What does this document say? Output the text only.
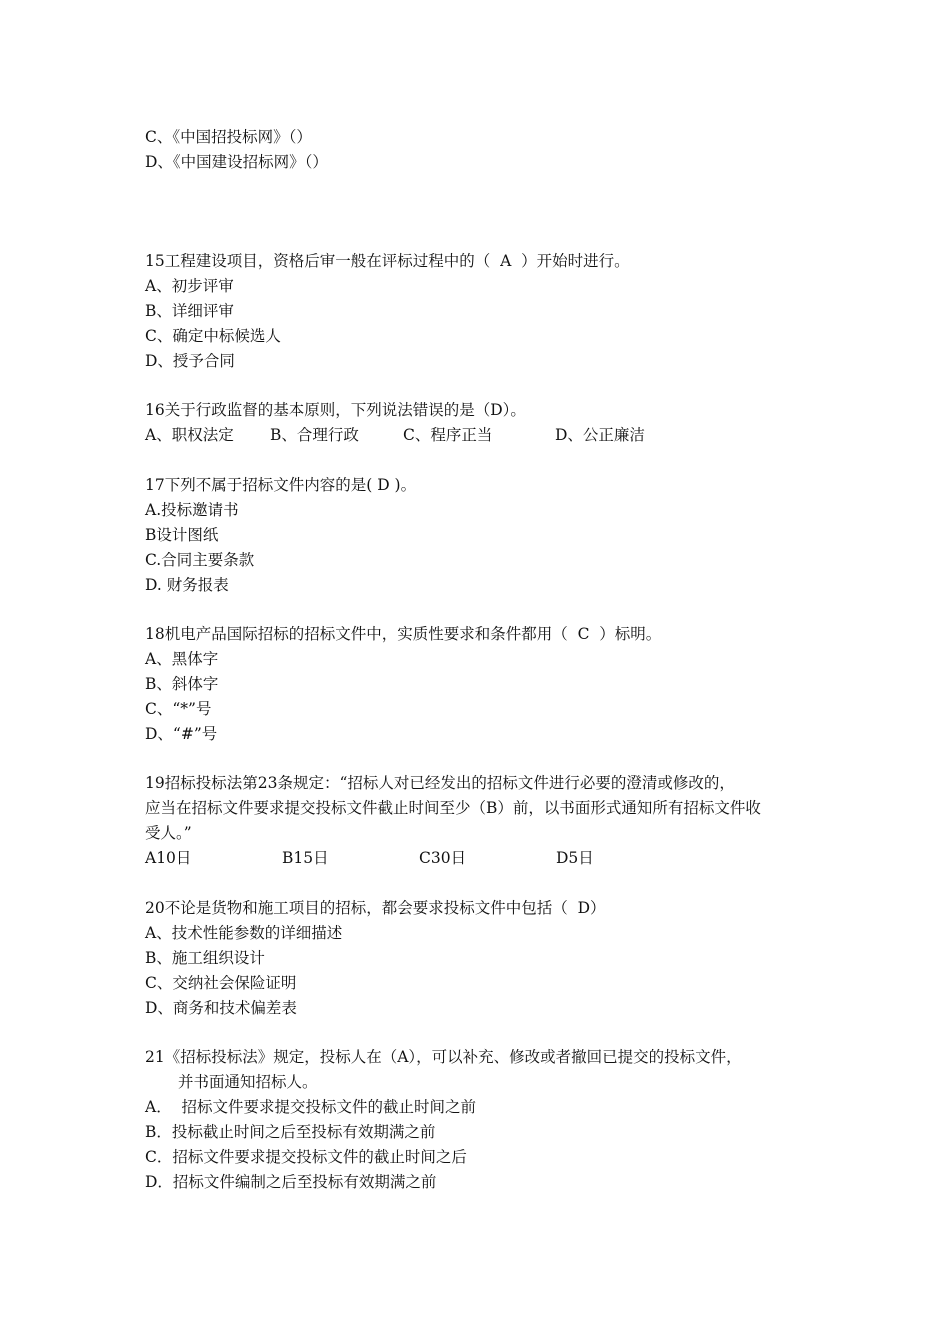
C、《中国招投标网》（）
D、《中国建设招标网》（）
15工程建设项目，资格后审一般在评标过程中的（  A  ）开始时进行。
A、初步评审
B、详细评审
C、确定中标候选人
D、授予合同
16关于行政监督的基本原则，下列说法错误的是（D）。
A、职权法定 B、合理行政	C、程序正当	D、公正廉洁
17下列不属于招标文件内容的是( D )。
A.投标邀请书
B设计图纸
C.合同主要条款
D. 财务报表
18机电产品国际招标的招标文件中，实质性要求和条件都用（  C  ）标明。
A、黑体字
B、斜体字
C、“*”号
D、“#”号
19招标投标法第23条规定：“招标人对已经发出的招标文件进行必要的澄清或修改的，
应当在招标文件要求提交投标文件截止时间至少（B）前，以书面形式通知所有招标文件收
受人。”
A10日	B15日	C30日	D5日
20不论是货物和施工项目的招标，都会要求投标文件中包括（  D）
A、技术性能参数的详细描述
B、施工组织设计
C、交纳社会保险证明
D、商务和技术偏差表
21《招标投标法》规定，投标人在（A），可以补充、修改或者撤回已提交的投标文件，
并书面通知招标人。
A．  招标文件要求提交投标文件的截止时间之前
B．投标截止时间之后至投标有效期满之前
C．招标文件要求提交投标文件的截止时间之后
D．招标文件编制之后至投标有效期满之前
